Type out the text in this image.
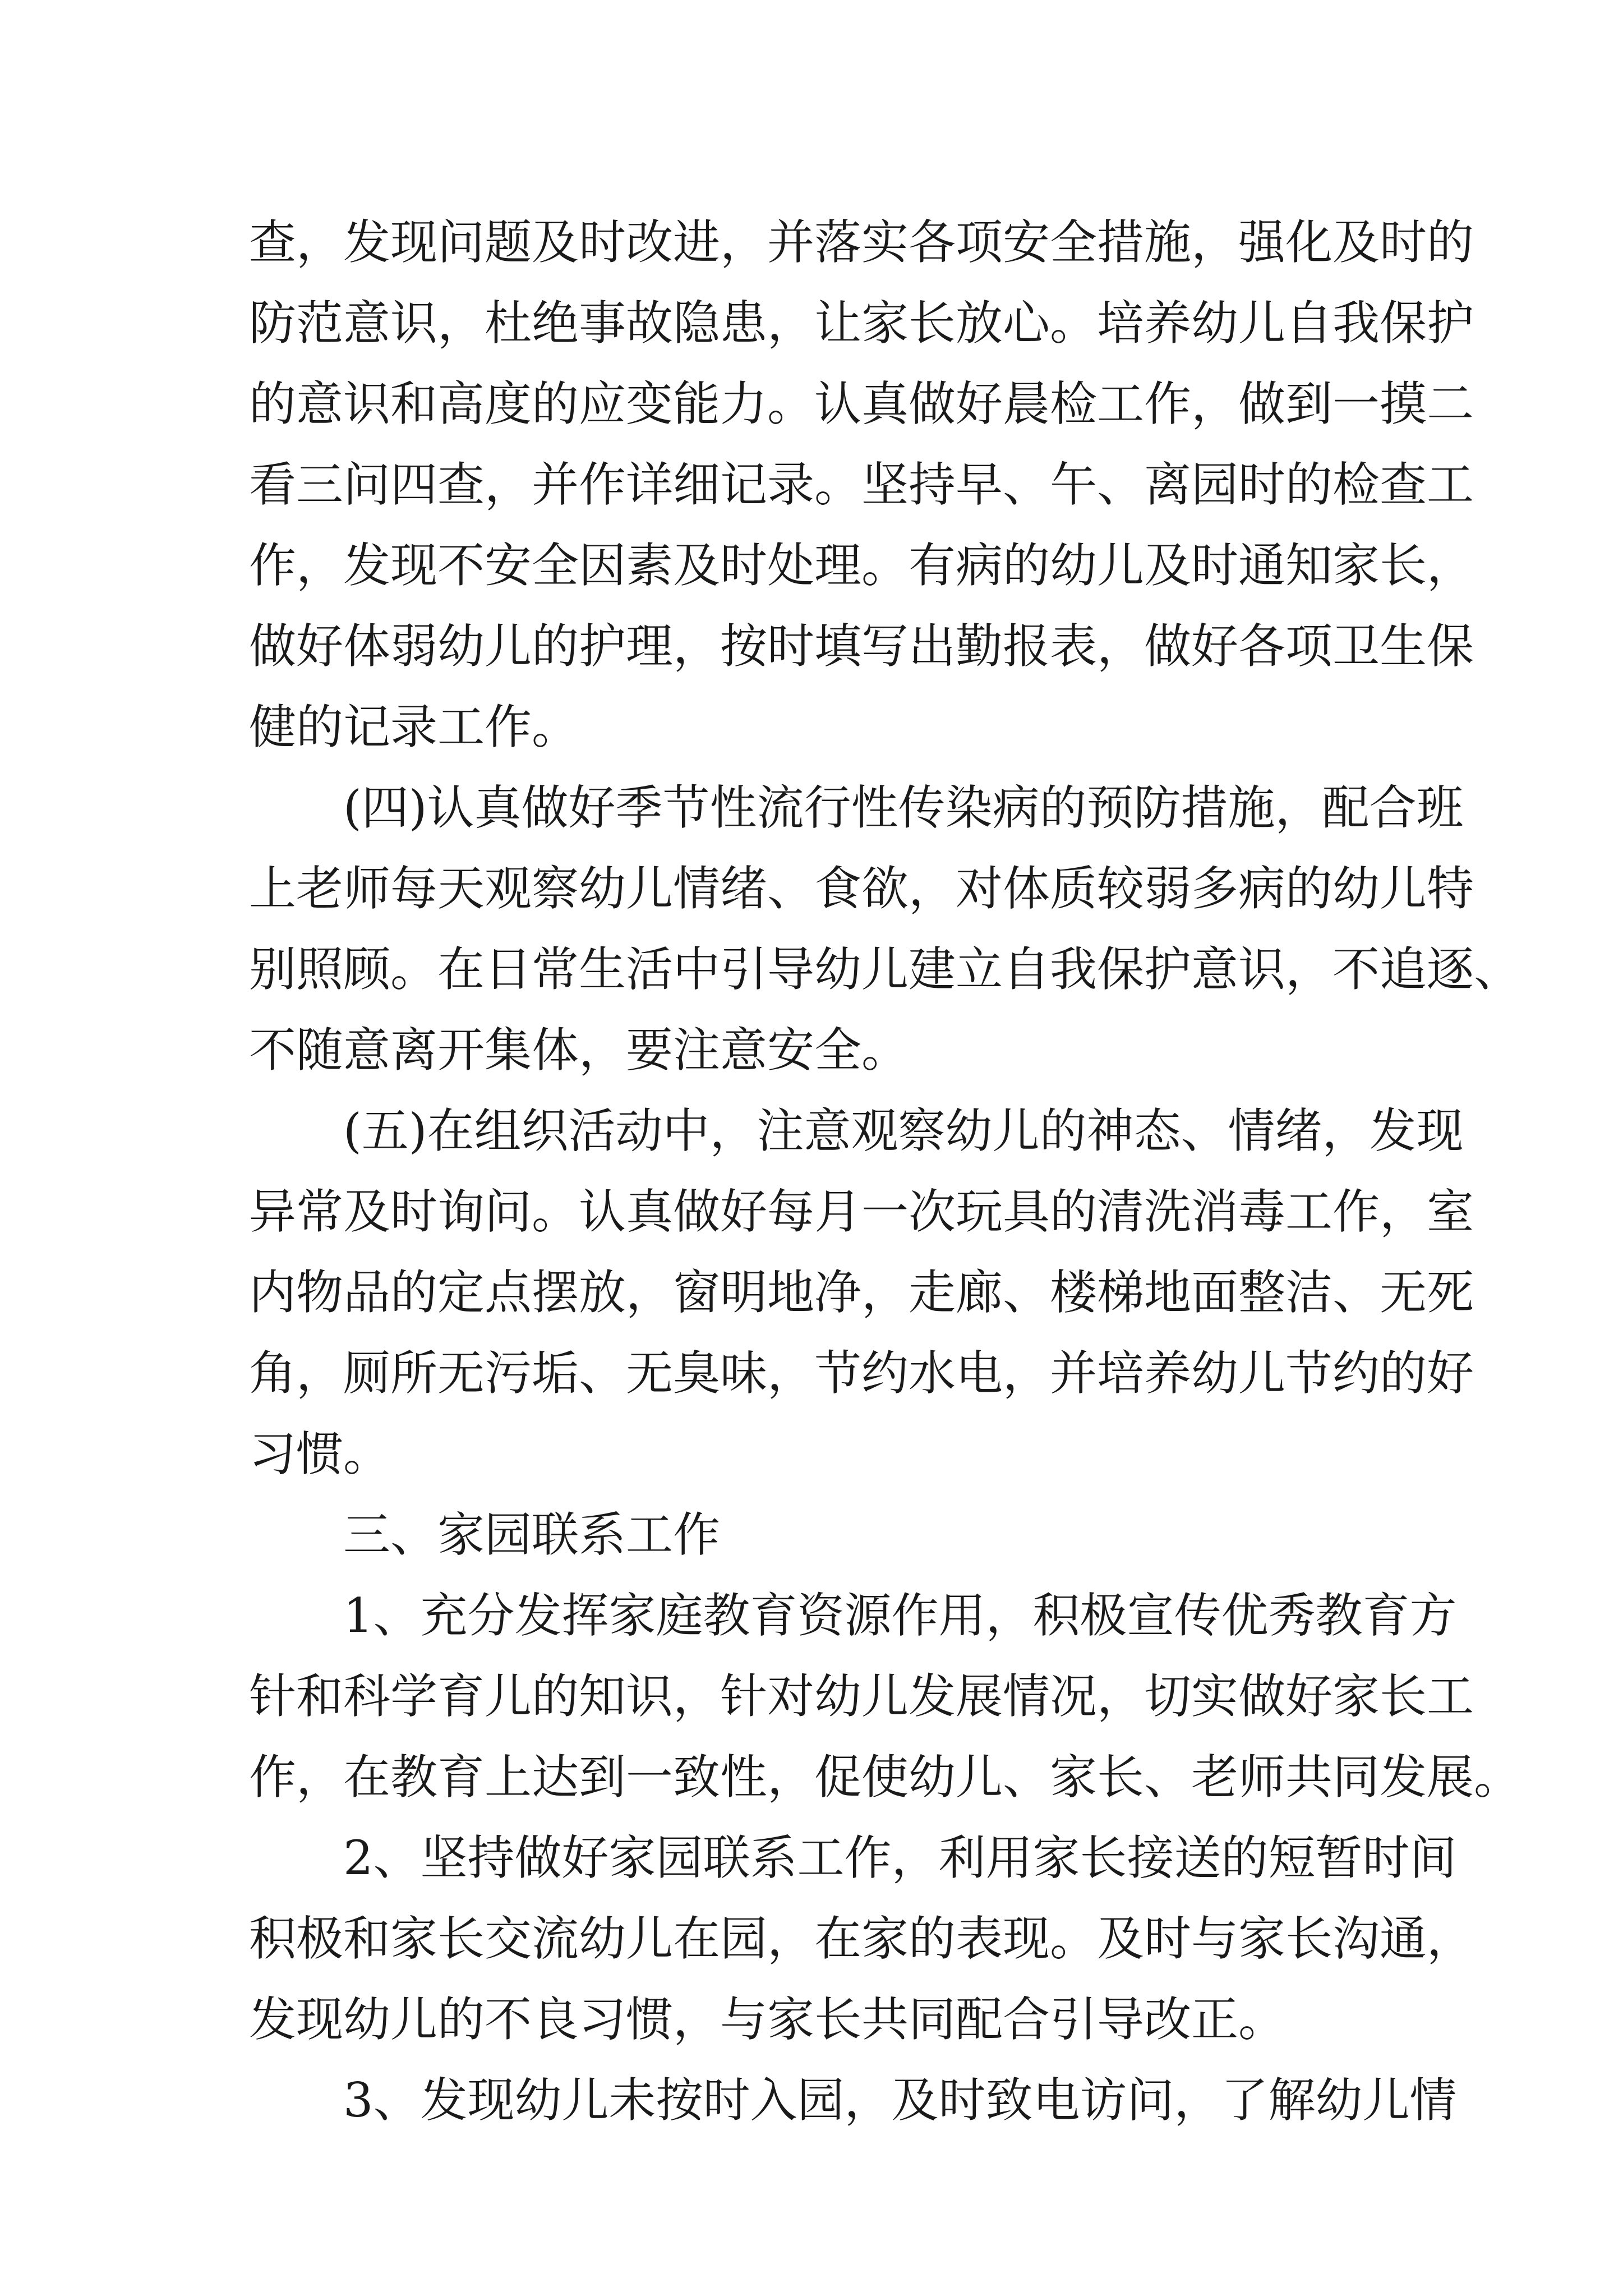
查，发现问题及时改进，并落实各项安全措施，强化及时的
防范意识，杜绝事故隐患，让家长放心。培养幼儿自我保护
的意识和高度的应变能力。认真做好晨检工作，做到一摸二
看三问四查，并作详细记录。坚持早、午、离园时的检查工
作，发现不安全因素及时处理。有病的幼儿及时通知家长，
做好体弱幼儿的护理，按时填写出勤报表，做好各项卫生保
健的记录工作。
(四)认真做好季节性流行性传染病的预防措施，配合班
上老师每天观察幼儿情绪、食欲，对体质较弱多病的幼儿特
别照顾。在日常生活中引导幼儿建立自我保护意识，不追逐、
不随意离开集体，要注意安全。
(五)在组织活动中，注意观察幼儿的神态、情绪，发现
异常及时询问。认真做好每月一次玩具的清洗消毒工作，室
内物品的定点摆放，窗明地净，走廊、楼梯地面整洁、无死
角，厕所无污垢、无臭味，节约水电，并培养幼儿节约的好
习惯。
三、家园联系工作
1、充分发挥家庭教育资源作用，积极宣传优秀教育方
针和科学育儿的知识，针对幼儿发展情况，切实做好家长工
作，在教育上达到一致性，促使幼儿、家长、老师共同发展。
2、坚持做好家园联系工作，利用家长接送的短暂时间
积极和家长交流幼儿在园，在家的表现。及时与家长沟通，
发现幼儿的不良习惯，与家长共同配合引导改正。
3、发现幼儿未按时入园，及时致电访问，了解幼儿情
